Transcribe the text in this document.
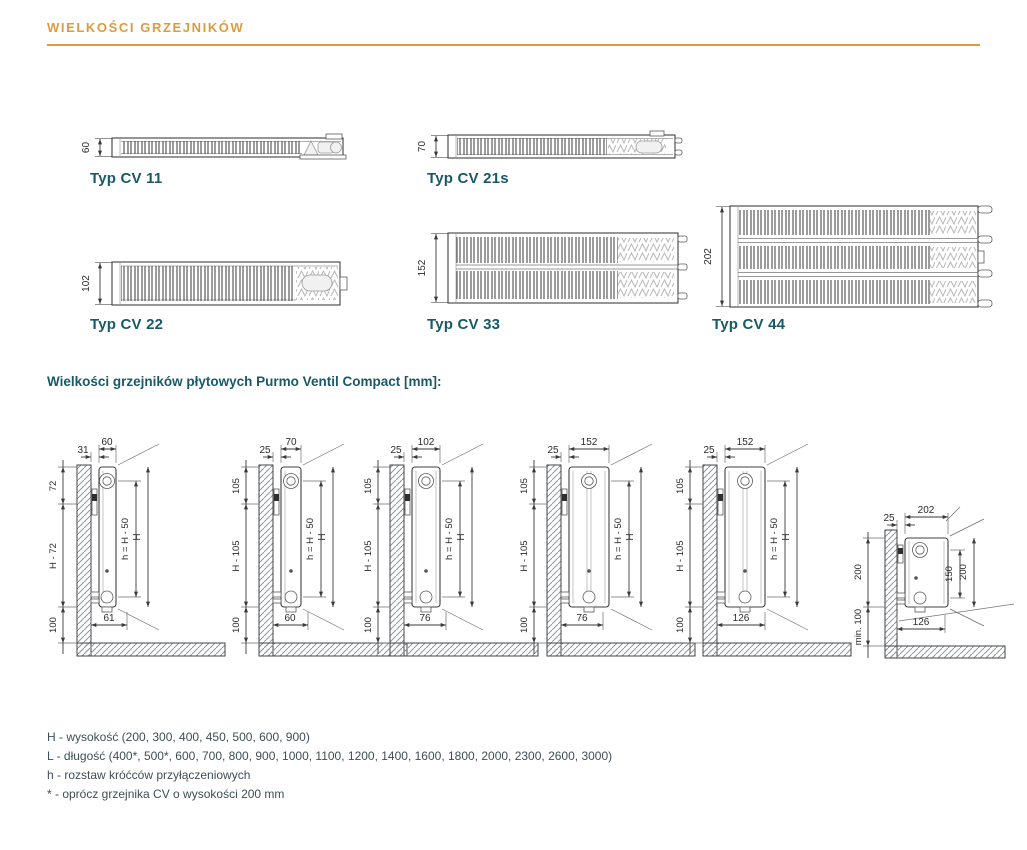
60	70
102
152
202
60
31
72
H - 72
100
h = H - 50 H
61
70
25
105
H - 105
100
h = H - 50 H
60
102
25
105
H - 105
100
h = H - 50 H
76
152
25
105
H - 105
100
h = H - 50 H
76
152
25
105
H - 105
100
h = H - 50 H
126
202
25
200
min. 100
150 200
126
WIELKOŚCI GRZEJNIKÓW
Typ CV 11	Typ CV 21s
Typ CV 22	Typ CV 33	Typ CV 44
Wielkości grzejników płytowych Purmo Ventil Compact [mm]:
H - wysokość (200, 300, 400, 450, 500, 600, 900)
L - długość (400*, 500*, 600, 700, 800, 900, 1000, 1100, 1200, 1400, 1600, 1800, 2000, 2300, 2600, 3000)
h - rozstaw króćców przyłączeniowych
* - oprócz grzejnika CV o wysokości 200 mm
